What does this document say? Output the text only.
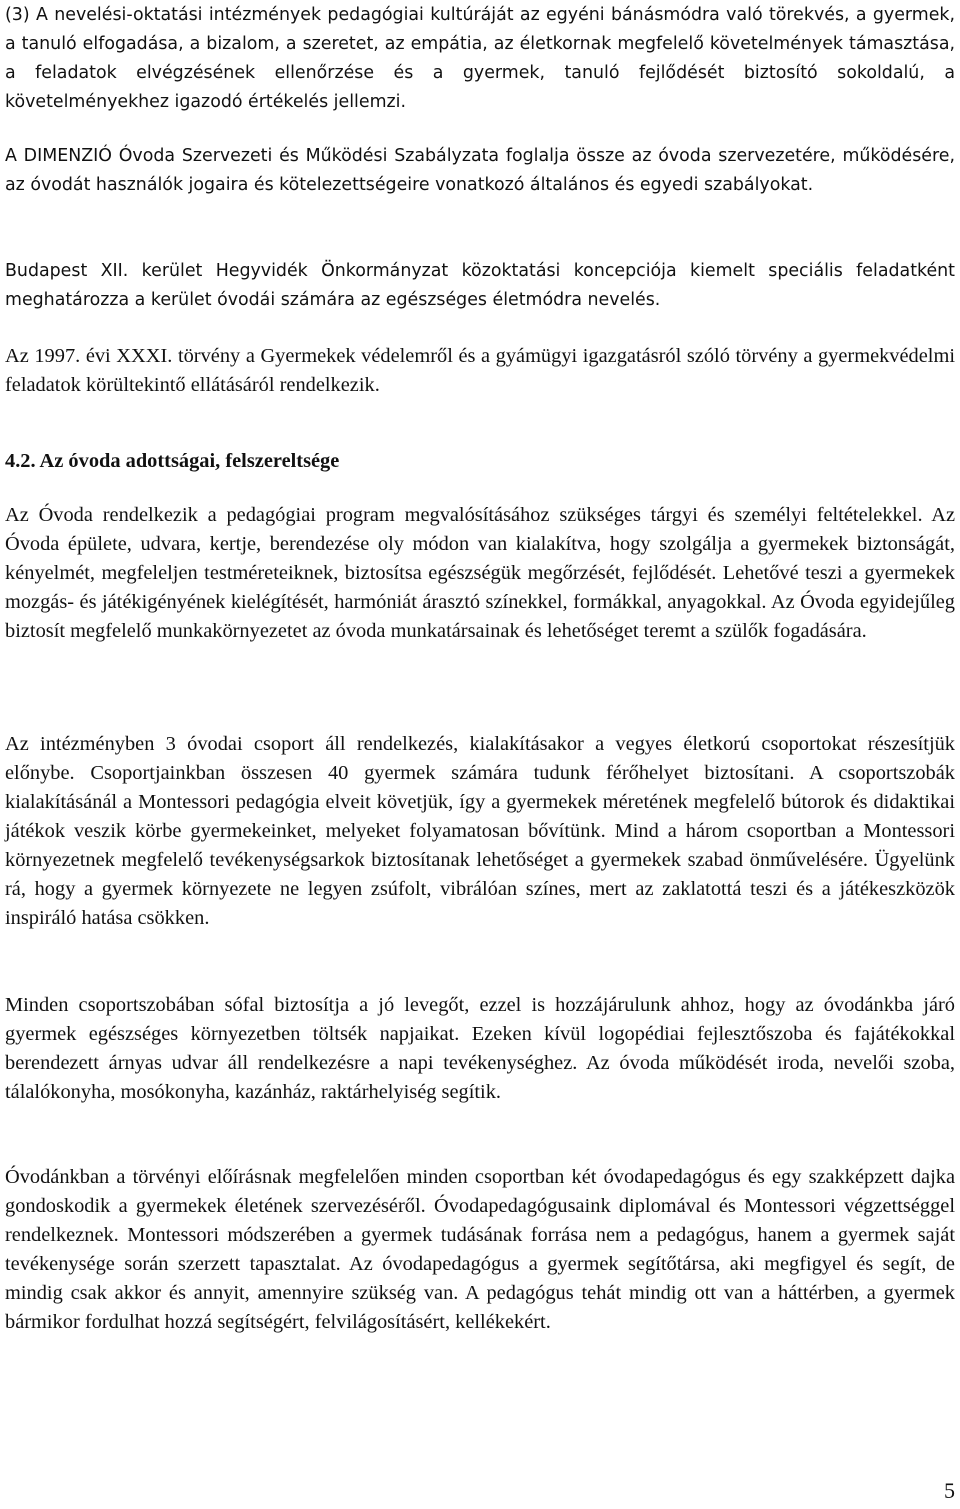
(3) A nevelési-oktatási intézmények pedagógiai kultúráját az egyéni bánásmódra való törekvés, a gyermek, a tanuló elfogadása, a bizalom, a szeretet, az empátia, az életkornak megfelelő követelmények támasztása, a feladatok elvégzésének ellenőrzése és a gyermek, tanuló fejlődését biztosító sokoldalú, a követelményekhez igazodó értékelés jellemzi.

A DIMENZIÓ Óvoda Szervezeti és Működési Szabályzata foglalja össze az óvoda szervezetére, működésére, az óvodát használók jogaira és kötelezettségeire vonatkozó általános és egyedi szabályokat.

Budapest XII. kerület Hegyvidék Önkormányzat közoktatási koncepciója kiemelt speciális feladatként meghatározza a kerület óvodái számára az egészséges életmódra nevelés.

Az 1997. évi XXXI. törvény a Gyermekek védelemről és a gyámügyi igazgatásról szóló törvény a gyermekvédelmi feladatok körültekintő ellátásáról rendelkezik.

4.2. Az óvoda adottságai, felszereltsége

Az Óvoda rendelkezik a pedagógiai program megvalósításához szükséges tárgyi és személyi feltételekkel. Az Óvoda épülete, udvara, kertje, berendezése oly módon van kialakítva, hogy szolgálja a gyermekek biztonságát, kényelmét, megfeleljen testméreteiknek, biztosítsa egészségük megőrzését, fejlődését. Lehetővé teszi a gyermekek mozgás- és játékigényének kielégítését, harmóniát árasztó színekkel, formákkal, anyagokkal. Az Óvoda egyidejűleg biztosít megfelelő munkakörnyezetet az óvoda munkatársainak és lehetőséget teremt a szülők fogadására.

Az intézményben 3 óvodai csoport áll rendelkezés, kialakításakor a vegyes életkorú csoportokat részesítjük előnybe. Csoportjainkban összesen 40 gyermek számára tudunk férőhelyet biztosítani. A csoportszobák kialakításánál a Montessori pedagógia elveit követjük, így a gyermekek méretének megfelelő bútorok és didaktikai játékok veszik körbe gyermekeinket, melyeket folyamatosan bővítünk. Mind a három csoportban a Montessori környezetnek megfelelő tevékenységsarkok biztosítanak lehetőséget a gyermekek szabad önművelésére. Ügyelünk rá, hogy a gyermek környezete ne legyen zsúfolt, vibrálóan színes, mert az zaklatottá teszi és a játékeszközök inspiráló hatása csökken.

Minden csoportszobában sófal biztosítja a jó levegőt, ezzel is hozzájárulunk ahhoz, hogy az óvodánkba járó gyermek egészséges környezetben töltsék napjaikat. Ezeken kívül logopédiai fejlesztőszoba és fajátékokkal berendezett árnyas udvar áll rendelkezésre a napi tevékenységhez. Az óvoda működését iroda, nevelői szoba, tálalókonyha, mosókonyha, kazánház, raktárhelyiség segítik.

Óvodánkban a törvényi előírásnak megfelelően minden csoportban két óvodapedagógus és egy szakképzett dajka gondoskodik a gyermekek életének szervezéséről. Óvodapedagógusaink diplomával és Montessori végzettséggel rendelkeznek. Montessori módszerében a gyermek tudásának forrása nem a pedagógus, hanem a gyermek saját tevékenysége során szerzett tapasztalat. Az óvodapedagógus a gyermek segítőtársa, aki megfigyel és segít, de mindig csak akkor és annyit, amennyire szükség van. A pedagógus tehát mindig ott van a háttérben, a gyermek bármikor fordulhat hozzá segítségért, felvilágosításért, kellékekért.

5
